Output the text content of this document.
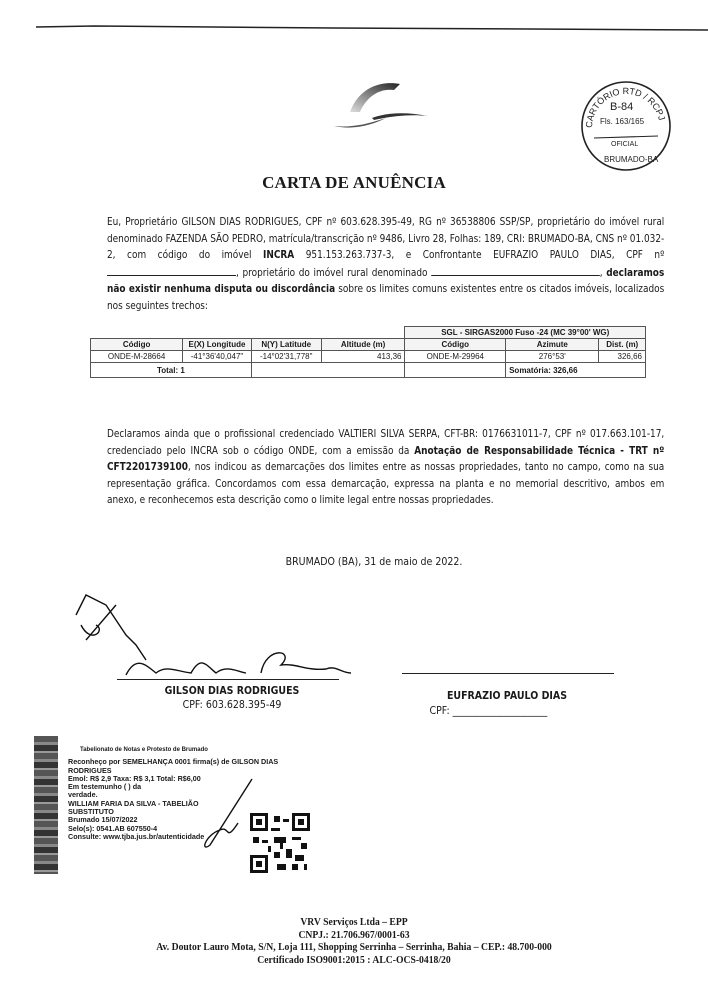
CARTÓRIO RTD / RCPJ
B-84
Fls. 163/165
OFICIAL
BRUMADO-BA
CARTA DE ANUÊNCIA
Eu, Proprietário GILSON DIAS RODRIGUES, CPF nº 603.628.395-49, RG nº 36538806 SSP/SP, proprietário do imóvel rural denominado FAZENDA SÃO PEDRO, matrícula/transcrição nº 9486, Livro 28, Folhas: 189, CRI: BRUMADO-BA, CNS nº 01.032-2, com código do imóvel INCRA 951.153.263.737-3, e Confrontante EUFRAZIO PAULO DIAS, CPF nº , proprietário do imóvel rural denominado	, declaramos não existir nenhuma disputa ou discordância sobre os limites comuns existentes entre os citados imóveis, localizados nos seguintes trechos:
				SGL - SIRGAS2000 Fuso -24 (MC 39°00' WG)		
Código	E(X) Longitude	N(Y) Latitude	Altitude (m)	Código	Azimute	Dist. (m)
ONDE-M-28664	-41°36'40,047"	-14°02'31,778"	413,36	ONDE-M-29964	276°53'	326,66
Total: 1					Somatória: 326,66	
Declaramos ainda que o profissional credenciado VALTIERI SILVA SERPA, CFT-BR: 0176631011-7, CPF nº 017.663.101-17, credenciado pelo INCRA sob o código ONDE, com a emissão da Anotação de Responsabilidade Técnica - TRT nº CFT2201739100, nos indicou as demarcações dos limites entre as nossas propriedades, tanto no campo, como na sua representação gráfica. Concordamos com essa demarcação, expressa na planta e no memorial descritivo, ambos em anexo, e reconhecemos esta descrição como o limite legal entre nossas propriedades.
BRUMADO (BA), 31 de maio de 2022.
GILSON DIAS RODRIGUES
CPF: 603.628.395-49
EUFRAZIO PAULO DIAS
CPF: ____________________
Tabelionato de Notas e Protesto de Brumado
Reconheço por SEMELHANÇA 0001 firma(s) de GILSON DIAS
RODRIGUES
Emol: R$ 2,9 Taxa: R$ 3,1 Total: R$6,00
Em testemunho ( ) da
verdade.
WILLIAM FARIA DA SILVA - TABELIÃO
SUBSTITUTO
Brumado 15/07/2022
Selo(s): 0541.AB 607550-4
Consulte: www.tjba.jus.br/autenticidade
VRV Serviços Ltda – EPP
CNPJ.: 21.706.967/0001-63
Av. Doutor Lauro Mota, S/N, Loja 111, Shopping Serrinha – Serrinha, Bahia – CEP.: 48.700-000
Certificado ISO9001:2015 : ALC-OCS-0418/20
